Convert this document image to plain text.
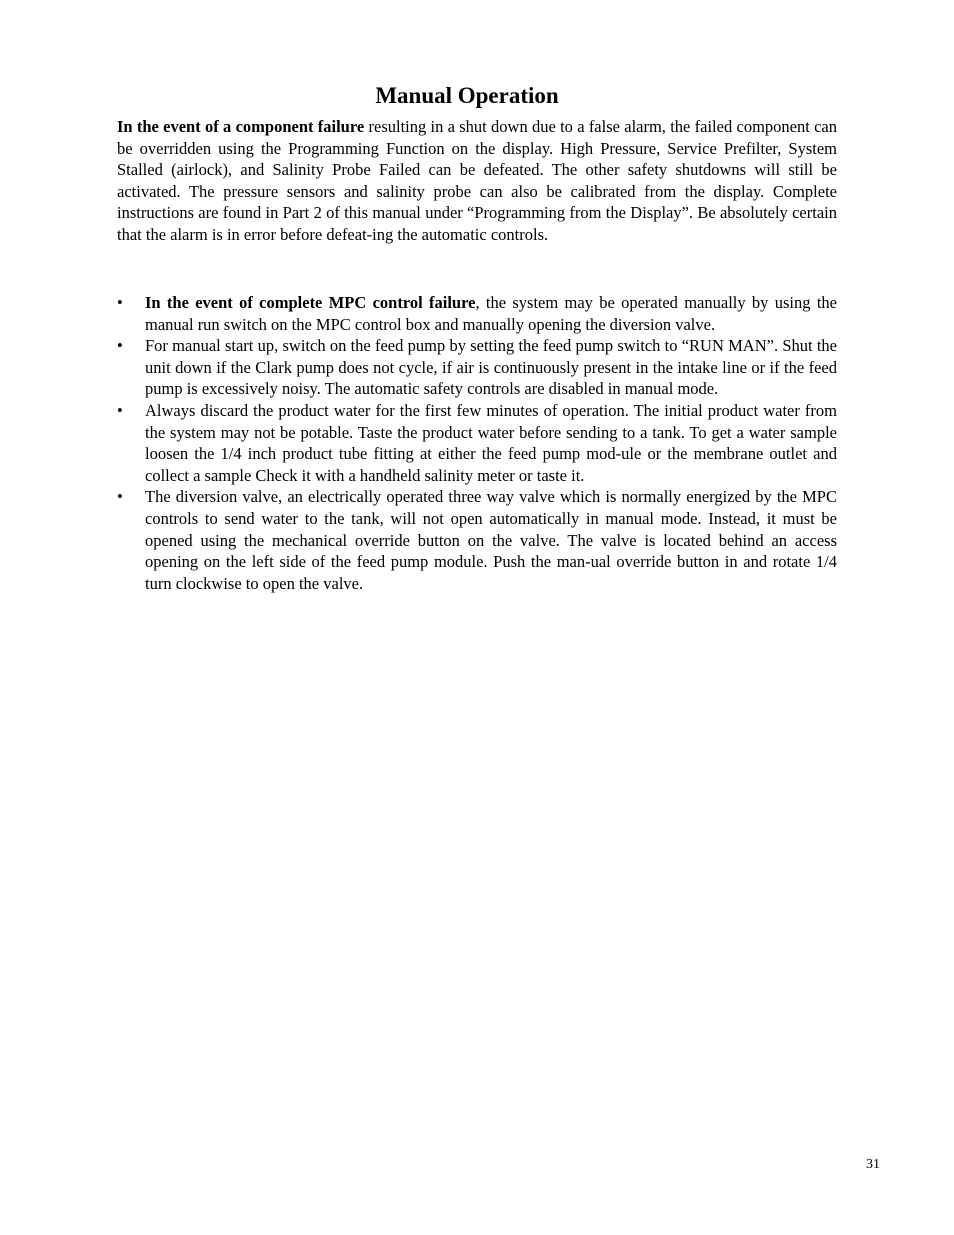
Manual Operation

In the event of a component failure resulting in a shut down due to a false alarm, the failed component can be overridden using the Programming Function on the display. High Pressure, Service Prefilter, System Stalled (airlock), and Salinity Probe Failed can be defeated. The other safety shutdowns will still be activated. The pressure sensors and salinity probe can also be calibrated from the display. Complete instructions are found in Part 2 of this manual under “Programming from the Display”. Be absolutely certain that the alarm is in error before defeat-ing the automatic controls.

• In the event of complete MPC control failure, the system may be operated manually by using the manual run switch on the MPC control box and manually opening the diversion valve.
• For manual start up, switch on the feed pump by setting the feed pump switch to “RUN MAN”. Shut the unit down if the Clark pump does not cycle, if air is continuously present in the intake line or if the feed pump is excessively noisy. The automatic safety controls are disabled in manual mode.
• Always discard the product water for the first few minutes of operation. The initial product water from the system may not be potable. Taste the product water before sending to a tank. To get a water sample loosen the 1/4 inch product tube fitting at either the feed pump mod-ule or the membrane outlet and collect a sample Check it with a handheld salinity meter or taste it.
• The diversion valve, an electrically operated three way valve which is normally energized by the MPC controls to send water to the tank, will not open automatically in manual mode. Instead, it must be opened using the mechanical override button on the valve. The valve is located behind an access opening on the left side of the feed pump module. Push the man-ual override button in and rotate 1/4 turn clockwise to open the valve.
31
